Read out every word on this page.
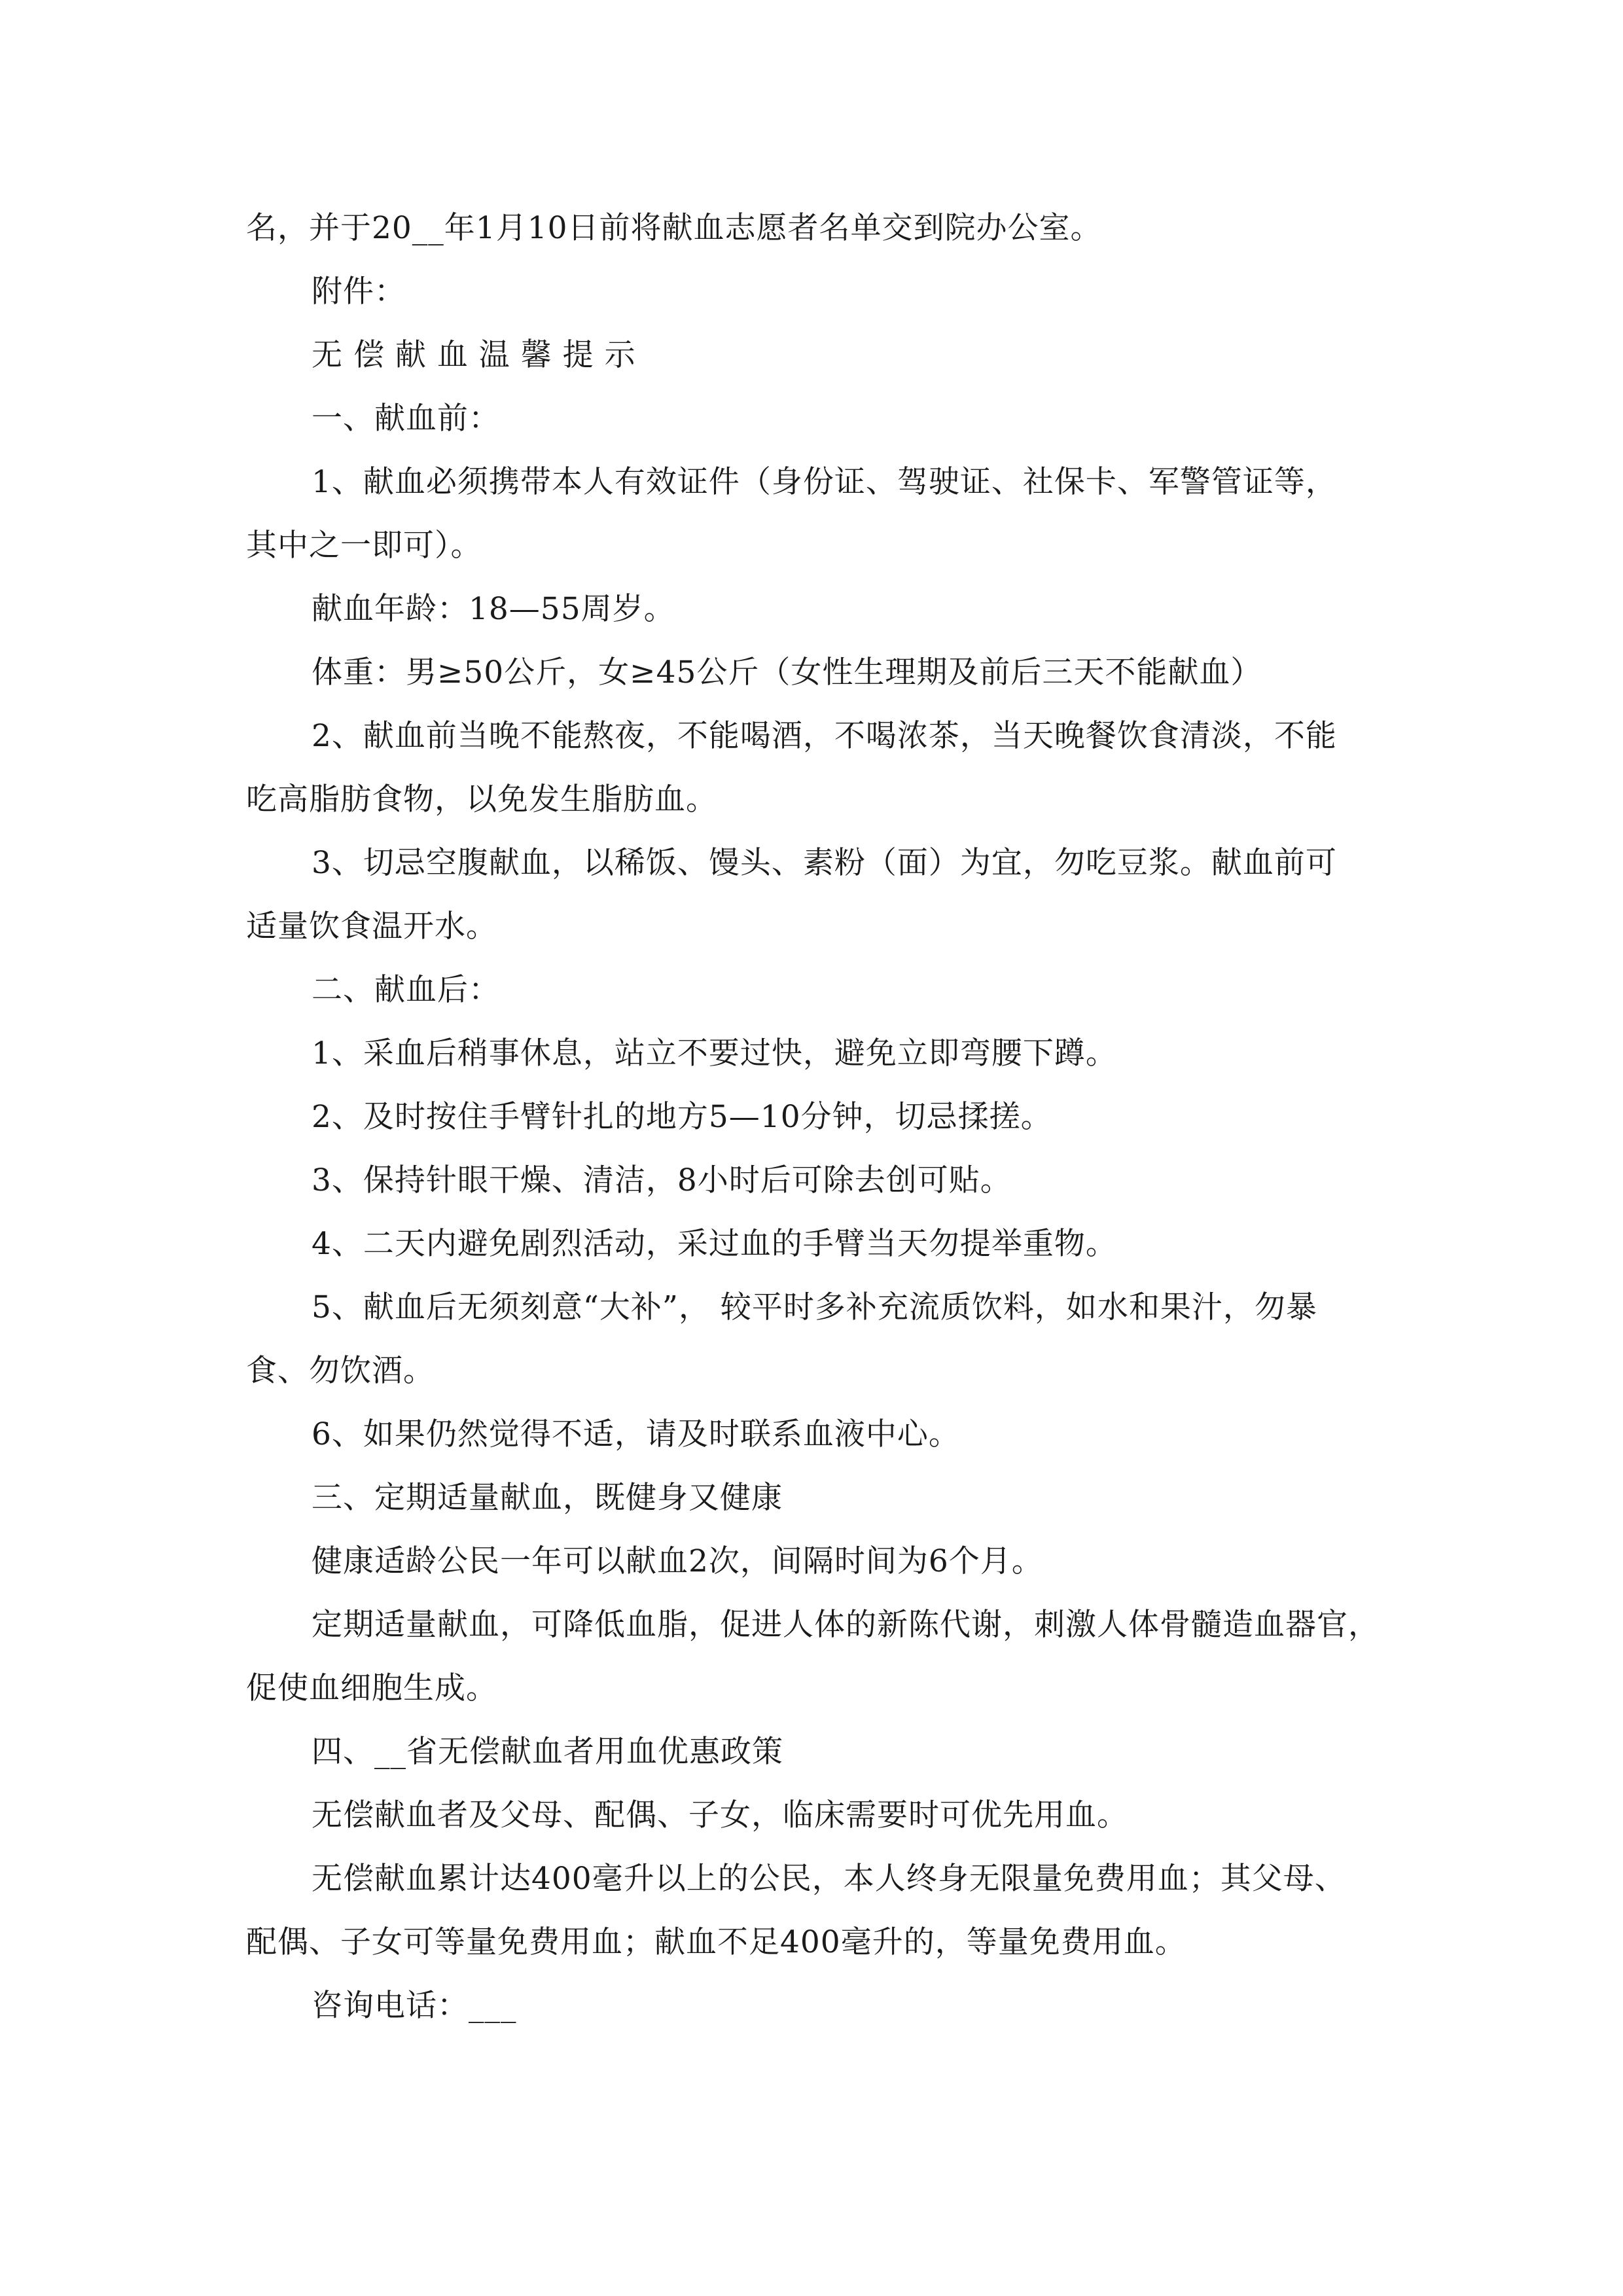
名，并于20__年1月10日前将献血志愿者名单交到院办公室。
附件：
无 偿 献 血 温 馨 提 示
一、献血前：
1、献血必须携带本人有效证件（身份证、驾驶证、社保卡、军警管证等，
其中之一即可）。
献血年龄：18—55周岁。
体重：男≥50公斤，女≥45公斤（女性生理期及前后三天不能献血）
2、献血前当晚不能熬夜，不能喝酒，不喝浓茶，当天晚餐饮食清淡，不能
吃高脂肪食物，以免发生脂肪血。
3、切忌空腹献血，以稀饭、馒头、素粉（面）为宜，勿吃豆浆。献血前可
适量饮食温开水。
二、献血后：
1、采血后稍事休息，站立不要过快，避免立即弯腰下蹲。
2、及时按住手臂针扎的地方5—10分钟，切忌揉搓。
3、保持针眼干燥、清洁，8小时后可除去创可贴。
4、二天内避免剧烈活动，采过血的手臂当天勿提举重物。
5、献血后无须刻意“大补”， 较平时多补充流质饮料，如水和果汁，勿暴
食、勿饮酒。
6、如果仍然觉得不适，请及时联系血液中心。
三、定期适量献血，既健身又健康
健康适龄公民一年可以献血2次，间隔时间为6个月。
定期适量献血，可降低血脂，促进人体的新陈代谢，刺激人体骨髓造血器官，
促使血细胞生成。
四、__省无偿献血者用血优惠政策
无偿献血者及父母、配偶、子女，临床需要时可优先用血。
无偿献血累计达400毫升以上的公民，本人终身无限量免费用血；其父母、
配偶、子女可等量免费用血；献血不足400毫升的，等量免费用血。
咨询电话：___
